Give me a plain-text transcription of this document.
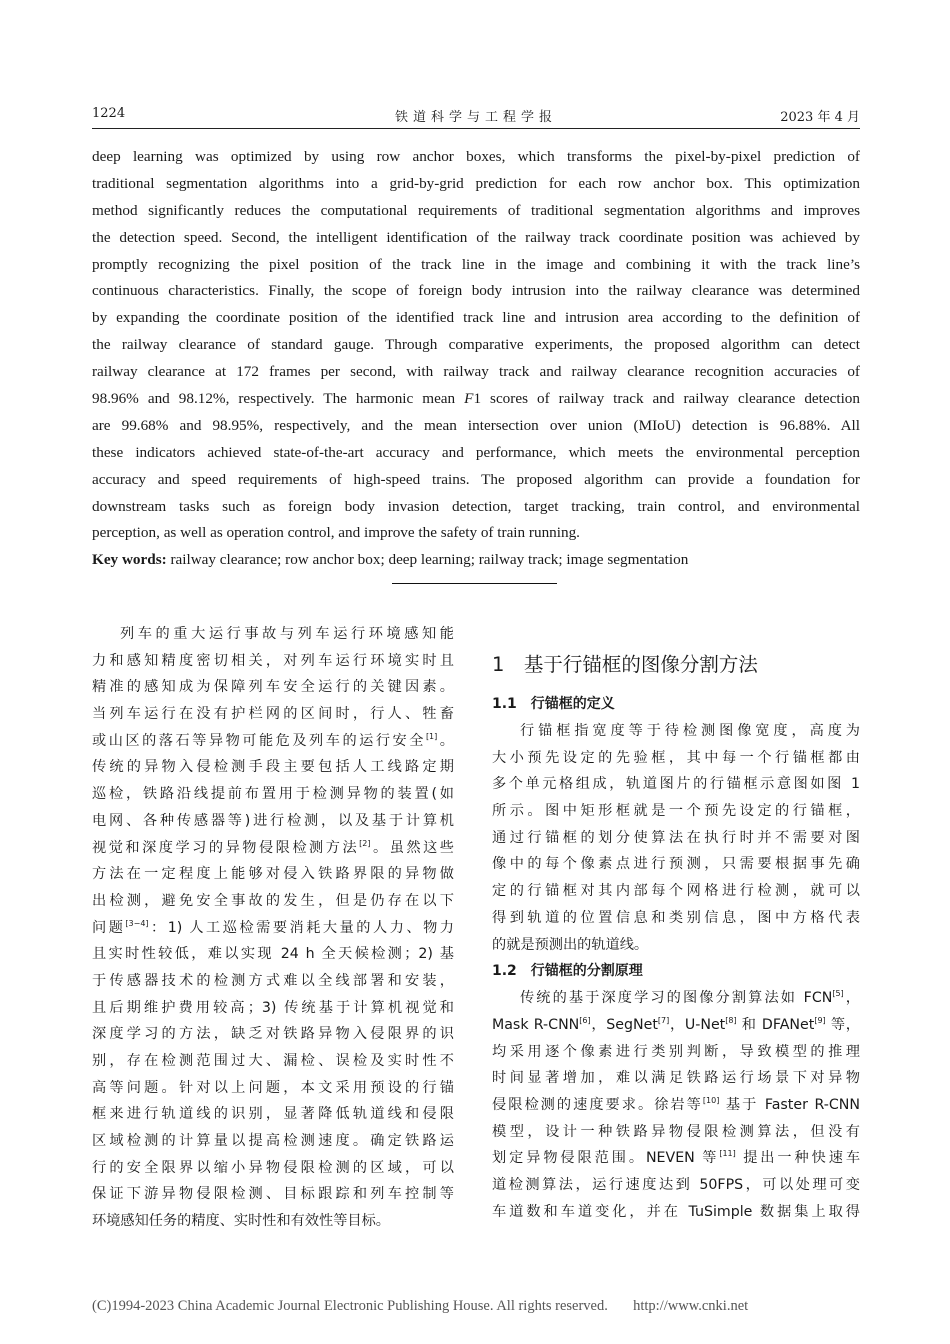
1224	铁道科学与工程学报	2023 年 4 月
deep learning was optimized by using row anchor boxes, which transforms the pixel-by-pixel prediction of
traditional segmentation algorithms into a grid-by-grid prediction for each row anchor box. This optimization
method significantly reduces the computational requirements of traditional segmentation algorithms and improves
the detection speed. Second, the intelligent identification of the railway track coordinate position was achieved by
promptly recognizing the pixel position of the track line in the image and combining it with the track line’s
continuous characteristics. Finally, the scope of foreign body intrusion into the railway clearance was determined
by expanding the coordinate position of the identified track line and intrusion area according to the definition of
the railway clearance of standard gauge. Through comparative experiments, the proposed algorithm can detect
railway clearance at 172 frames per second, with railway track and railway clearance recognition accuracies of
98.96% and 98.12%, respectively. The harmonic mean F1 scores of railway track and railway clearance detection
are 99.68% and 98.95%, respectively, and the mean intersection over union (MIoU) detection is 96.88%. All
these indicators achieved state-of-the-art accuracy and performance, which meets the environmental perception
accuracy and speed requirements of high-speed trains. The proposed algorithm can provide a foundation for
downstream tasks such as foreign body invasion detection, target tracking, train control, and environmental
perception, as well as operation control, and improve the safety of train running.
Key words: railway clearance; row anchor box; deep learning; railway track; image segmentation
列车的重大运行事故与列车运行环境感知能
力和感知精度密切相关，对列车运行环境实时且
精准的感知成为保障列车安全运行的关键因素。
当列车运行在没有护栏网的区间时，行人、牲畜
或山区的落石等异物可能危及列车的运行安全[1]。
传统的异物入侵检测手段主要包括人工线路定期
巡检，铁路沿线提前布置用于检测异物的装置(如
电网、各种传感器等)进行检测，以及基于计算机
视觉和深度学习的异物侵限检测方法[2]。虽然这些
方法在一定程度上能够对侵入铁路界限的异物做
出检测，避免安全事故的发生，但是仍存在以下
问题[3−4]：1) 人工巡检需要消耗大量的人力、物力
且实时性较低，难以实现 24 h 全天候检测；2) 基
于传感器技术的检测方式难以全线部署和安装，
且后期维护费用较高；3) 传统基于计算机视觉和
深度学习的方法，缺乏对铁路异物入侵限界的识
别，存在检测范围过大、漏检、误检及实时性不
高等问题。针对以上问题，本文采用预设的行锚
框来进行轨道线的识别，显著降低轨道线和侵限
区域检测的计算量以提高检测速度。确定铁路运
行的安全限界以缩小异物侵限检测的区域，可以
保证下游异物侵限检测、目标跟踪和列车控制等
环境感知任务的精度、实时性和有效性等目标。
1　基于行锚框的图像分割方法
1.1　行锚框的定义
行锚框指宽度等于待检测图像宽度，高度为
大小预先设定的先验框，其中每一个行锚框都由
多个单元格组成，轨道图片的行锚框示意图如图 1
所示。图中矩形框就是一个预先设定的行锚框，
通过行锚框的划分使算法在执行时并不需要对图
像中的每个像素点进行预测，只需要根据事先确
定的行锚框对其内部每个网格进行检测，就可以
得到轨道的位置信息和类别信息，图中方格代表
的就是预测出的轨道线。
1.2　行锚框的分割原理
传统的基于深度学习的图像分割算法如 FCN[5]，
Mask R-CNN[6]，SegNet[7]，U-Net[8] 和 DFANet[9] 等，
均采用逐个像素进行类别判断，导致模型的推理
时间显著增加，难以满足铁路运行场景下对异物
侵限检测的速度要求。徐岩等[10] 基于 Faster R-CNN
模型，设计一种铁路异物侵限检测算法，但没有
划定异物侵限范围。NEVEN 等[11] 提出一种快速车
道检测算法，运行速度达到 50FPS，可以处理可变
车道数和车道变化，并在 TuSimple 数据集上取得
(C)1994-2023 China Academic Journal Electronic Publishing House. All rights reserved. http://www.cnki.net
